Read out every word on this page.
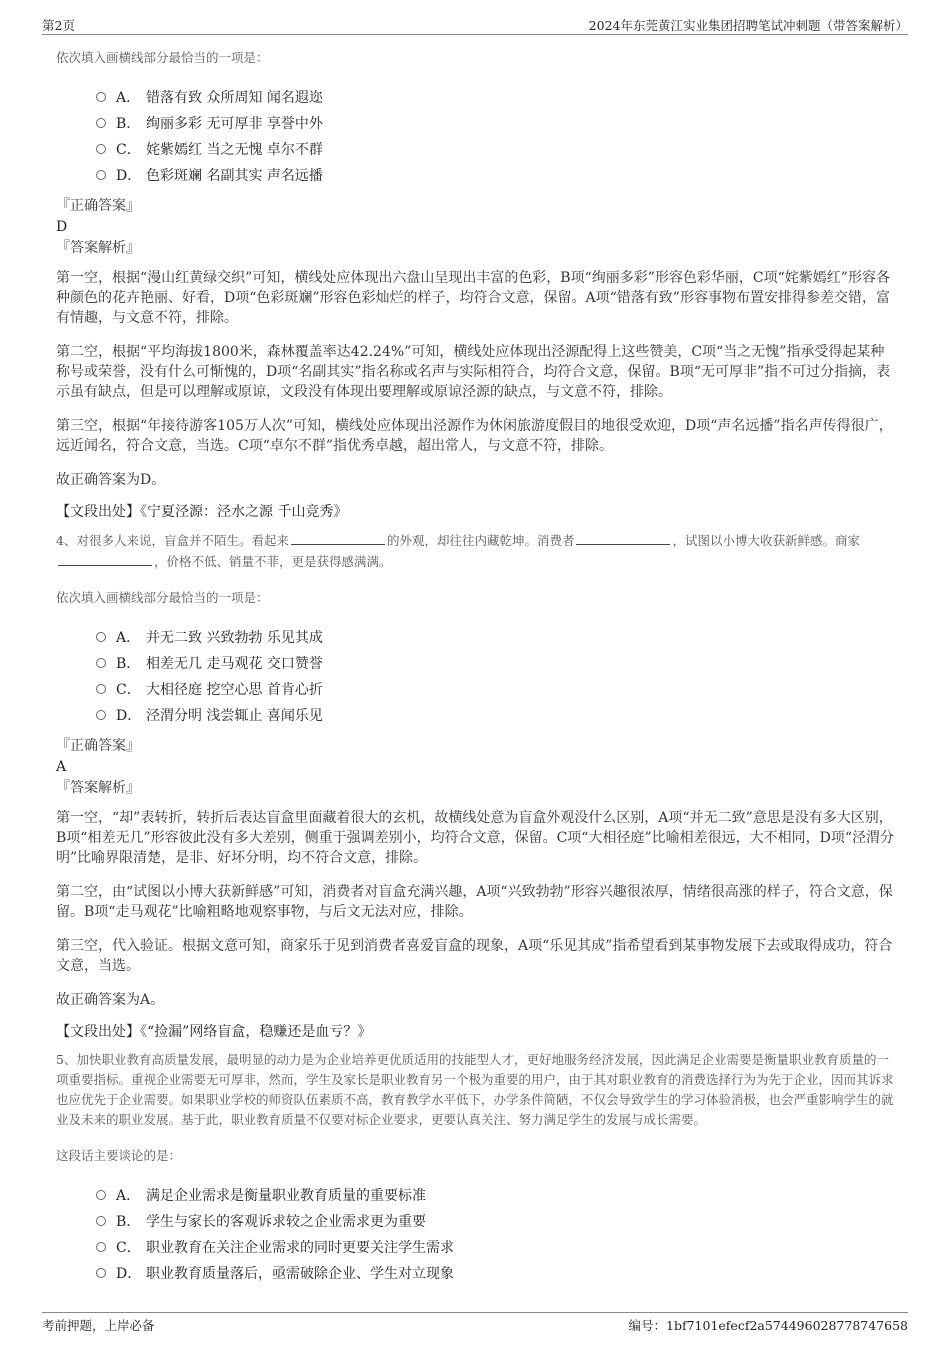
第2页	2024年东莞黄江实业集团招聘笔试冲刺题（带答案解析）
依次填入画横线部分最恰当的一项是：
A． 错落有致 众所周知 闻名遐迩
B． 绚丽多彩 无可厚非 享誉中外
C． 姹紫嫣红 当之无愧 卓尔不群
D． 色彩斑斓 名副其实 声名远播
『正确答案』
D
『答案解析』

第一空，根据“漫山红黄绿交织”可知，横线处应体现出六盘山呈现出丰富的色彩，B项“绚丽多彩”形容色彩华丽，C项“姹紫嫣红”形容各种颜色的花卉艳丽、好看，D项“色彩斑斓”形容色彩灿烂的样子，均符合文意，保留。A项“错落有致”形容事物布置安排得参差交错，富有情趣，与文意不符，排除。

第二空，根据“平均海拔1800米，森林覆盖率达42.24%”可知，横线处应体现出泾源配得上这些赞美，C项“当之无愧”指承受得起某种称号或荣誉，没有什么可惭愧的，D项“名副其实”指名称或名声与实际相符合，均符合文意，保留。B项“无可厚非”指不可过分指摘，表示虽有缺点，但是可以理解或原谅，文段没有体现出要理解或原谅泾源的缺点，与文意不符，排除。

第三空，根据“年接待游客105万人次”可知，横线处应体现出泾源作为休闲旅游度假目的地很受欢迎，D项“声名远播”指名声传得很广，远近闻名，符合文意，当选。C项“卓尔不群”指优秀卓越，超出常人，与文意不符，排除。

故正确答案为D。

【文段出处】《宁夏泾源：泾水之源 千山竞秀》
4、对很多人来说，盲盒并不陌生。看起来	的外观，却往往内藏乾坤。消费者	，试图以小博大收获新鲜感。商家，价格不低、销量不菲，更是获得感满满。
依次填入画横线部分最恰当的一项是：
A． 并无二致 兴致勃勃 乐见其成
B． 相差无几 走马观花 交口赞誉
C． 大相径庭 挖空心思 首肯心折
D． 泾渭分明 浅尝辄止 喜闻乐见
『正确答案』
A
『答案解析』

第一空，“却”表转折，转折后表达盲盒里面藏着很大的玄机，故横线处意为盲盒外观没什么区别，A项“并无二致”意思是没有多大区别，B项“相差无几”形容彼此没有多大差别，侧重于强调差别小，均符合文意，保留。C项“大相径庭”比喻相差很远，大不相同，D项“泾渭分明”比喻界限清楚，是非、好坏分明，均不符合文意，排除。

第二空，由“试图以小博大获新鲜感”可知，消费者对盲盒充满兴趣，A项“兴致勃勃”形容兴趣很浓厚，情绪很高涨的样子，符合文意，保留。B项“走马观花”比喻粗略地观察事物，与后文无法对应，排除。

第三空，代入验证。根据文意可知，商家乐于见到消费者喜爱盲盒的现象，A项“乐见其成”指希望看到某事物发展下去或取得成功，符合文意，当选。

故正确答案为A。

【文段出处】《“捡漏”网络盲盒，稳赚还是血亏？》
5、加快职业教育高质量发展，最明显的动力是为企业培养更优质适用的技能型人才，更好地服务经济发展，因此满足企业需要是衡量职业教育质量的一项重要指标。重视企业需要无可厚非，然而，学生及家长是职业教育另一个极为重要的用户，由于其对职业教育的消费选择行为为先于企业，因而其诉求也应优先于企业需要。如果职业学校的师资队伍素质不高，教育教学水平低下，办学条件简陋，不仅会导致学生的学习体验消极，也会严重影响学生的就业及未来的职业发展。基于此，职业教育质量不仅要对标企业要求，更要认真关注、努力满足学生的发展与成长需要。
这段话主要谈论的是：
A． 满足企业需求是衡量职业教育质量的重要标准
B． 学生与家长的客观诉求较之企业需求更为重要
C． 职业教育在关注企业需求的同时更要关注学生需求
D． 职业教育质量落后，亟需破除企业、学生对立现象
考前押题，上岸必备	编号：1bf7101efecf2a574496028778747658
